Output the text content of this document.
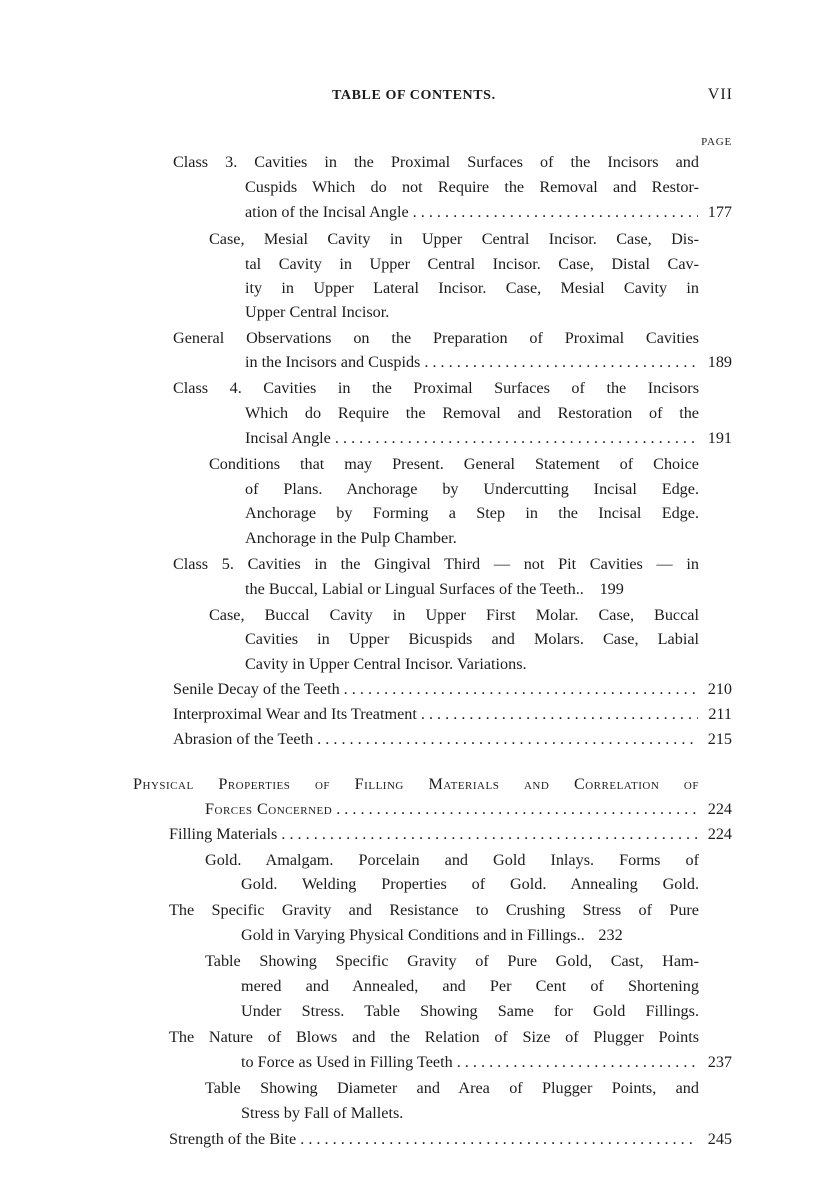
TABLE OF CONTENTS.	VII
PAGE
Class 3. Cavities in the Proximal Surfaces of the Incisors and
Cuspids Which do not Require the Removal and Restor-
ation of the Incisal Angle . . .	177
Case, Mesial Cavity in Upper Central Incisor. Case, Dis-
tal Cavity in Upper Central Incisor. Case, Distal Cav-
ity in Upper Lateral Incisor. Case, Mesial Cavity in
Upper Central Incisor.
General Observations on the Preparation of Proximal Cavities
in the Incisors and Cuspids . . .	189
Class 4. Cavities in the Proximal Surfaces of the Incisors
Which do Require the Removal and Restoration of the
Incisal Angle . . .	191
Conditions that may Present. General Statement of Choice
of Plans. Anchorage by Undercutting Incisal Edge.
Anchorage by Forming a Step in the Incisal Edge.
Anchorage in the Pulp Chamber.
Class 5. Cavities in the Gingival Third — not Pit Cavities — in
the Buccal, Labial or Lingual Surfaces of the Teeth.. 199
Case, Buccal Cavity in Upper First Molar. Case, Buccal
Cavities in Upper Bicuspids and Molars. Case, Labial
Cavity in Upper Central Incisor. Variations.
Senile Decay of the Teeth . . .	210
Interproximal Wear and Its Treatment . . .	211
Abrasion of the Teeth . . .	215
Physical Properties of Filling Materials and Correlation of
Forces Concerned . . .	224
Filling Materials . . .	224
Gold. Amalgam. Porcelain and Gold Inlays. Forms of
Gold. Welding Properties of Gold. Annealing Gold.
The Specific Gravity and Resistance to Crushing Stress of Pure
Gold in Varying Physical Conditions and in Fillings.. 232
Table Showing Specific Gravity of Pure Gold, Cast, Ham-
mered and Annealed, and Per Cent of Shortening
Under Stress. Table Showing Same for Gold Fillings.
The Nature of Blows and the Relation of Size of Plugger Points
to Force as Used in Filling Teeth . . .	237
Table Showing Diameter and Area of Plugger Points, and
Stress by Fall of Mallets.
Strength of the Bite . . .	245
